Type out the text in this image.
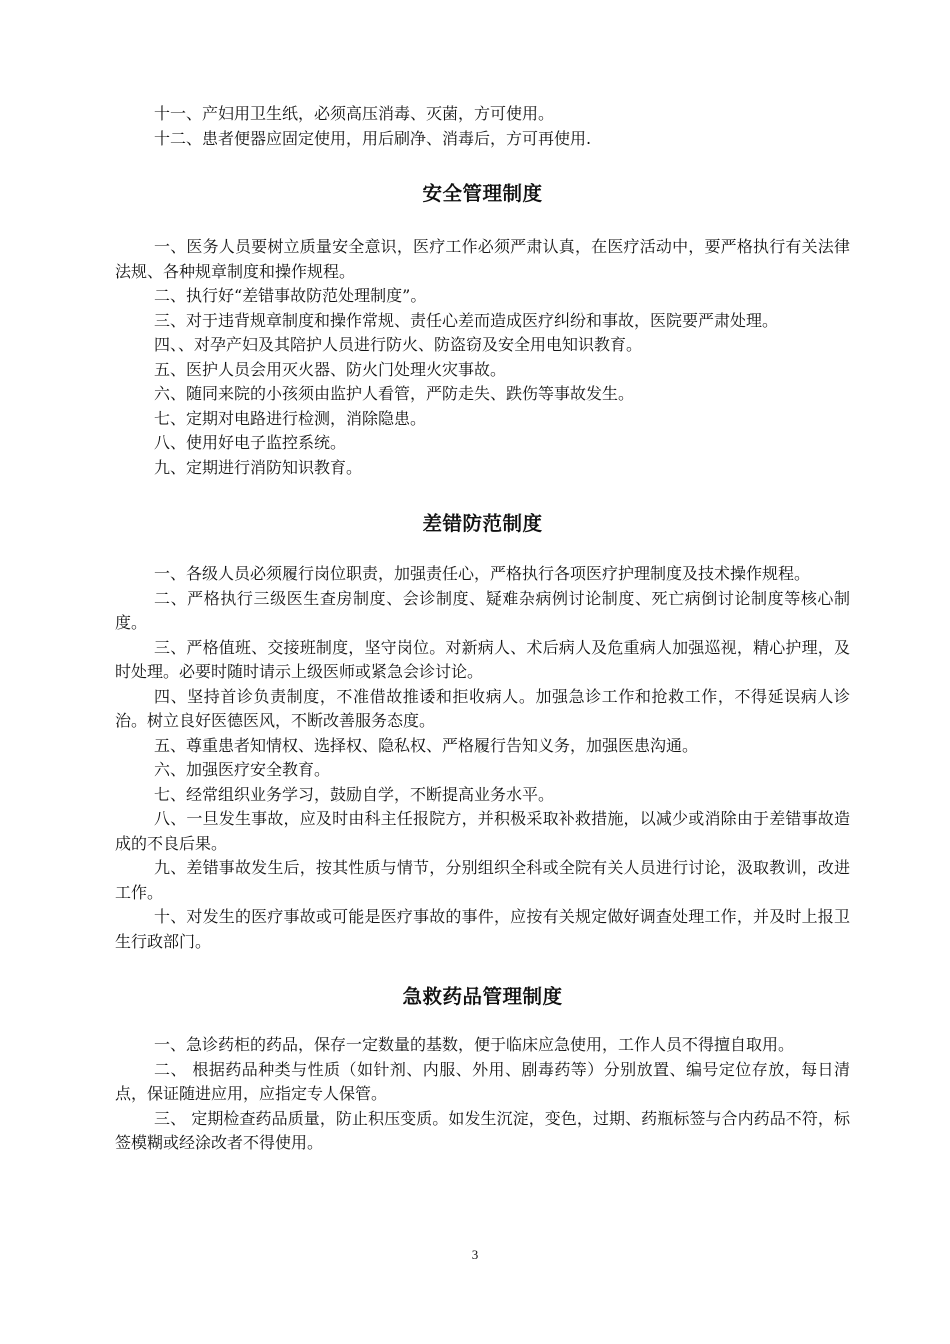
十一、产妇用卫生纸，必须高压消毒、灭菌，方可使用。

十二、患者便器应固定使用，用后刷净、消毒后，方可再使用.

安全管理制度

一、医务人员要树立质量安全意识，医疗工作必须严肃认真，在医疗活动中，要严格执行有关法律法规、各种规章制度和操作规程。

二、执行好“差错事故防范处理制度”。

三、对于违背规章制度和操作常规、责任心差而造成医疗纠纷和事故，医院要严肃处理。

四、、对孕产妇及其陪护人员进行防火、防盗窃及安全用电知识教育。

五、医护人员会用灭火器、防火门处理火灾事故。

六、随同来院的小孩须由监护人看管，严防走失、跌伤等事故发生。

七、定期对电路进行检测，消除隐患。

八、使用好电子监控系统。

九、定期进行消防知识教育。

差错防范制度

一、各级人员必须履行岗位职责，加强责任心，严格执行各项医疗护理制度及技术操作规程。

二、严格执行三级医生查房制度、会诊制度、疑难杂病例讨论制度、死亡病倒讨论制度等核心制度。

三、严格值班、交接班制度，坚守岗位。对新病人、术后病人及危重病人加强巡视，精心护理，及时处理。必要时随时请示上级医师或紧急会诊讨论。

四、坚持首诊负责制度，不准借故推诿和拒收病人。加强急诊工作和抢救工作，不得延误病人诊治。树立良好医德医风，不断改善服务态度。

五、尊重患者知情权、选择权、隐私权、严格履行告知义务，加强医患沟通。

六、加强医疗安全教育。

七、经常组织业务学习，鼓励自学，不断提高业务水平。

八、一旦发生事故，应及时由科主任报院方，并积极采取补救措施，以减少或消除由于差错事故造成的不良后果。

九、差错事故发生后，按其性质与情节，分别组织全科或全院有关人员进行讨论，汲取教训，改进工作。

十、对发生的医疗事故或可能是医疗事故的事件，应按有关规定做好调查处理工作，并及时上报卫生行政部门。

急救药品管理制度

一、急诊药柜的药品，保存一定数量的基数，便于临床应急使用，工作人员不得擅自取用。

二、 根据药品种类与性质（如针剂、内服、外用、剧毒药等）分别放置、编号定位存放，每日清点，保证随进应用，应指定专人保管。

三、 定期检查药品质量，防止积压变质。如发生沉淀，变色，过期、药瓶标签与合内药品不符，标签模糊或经涂改者不得使用。

3
